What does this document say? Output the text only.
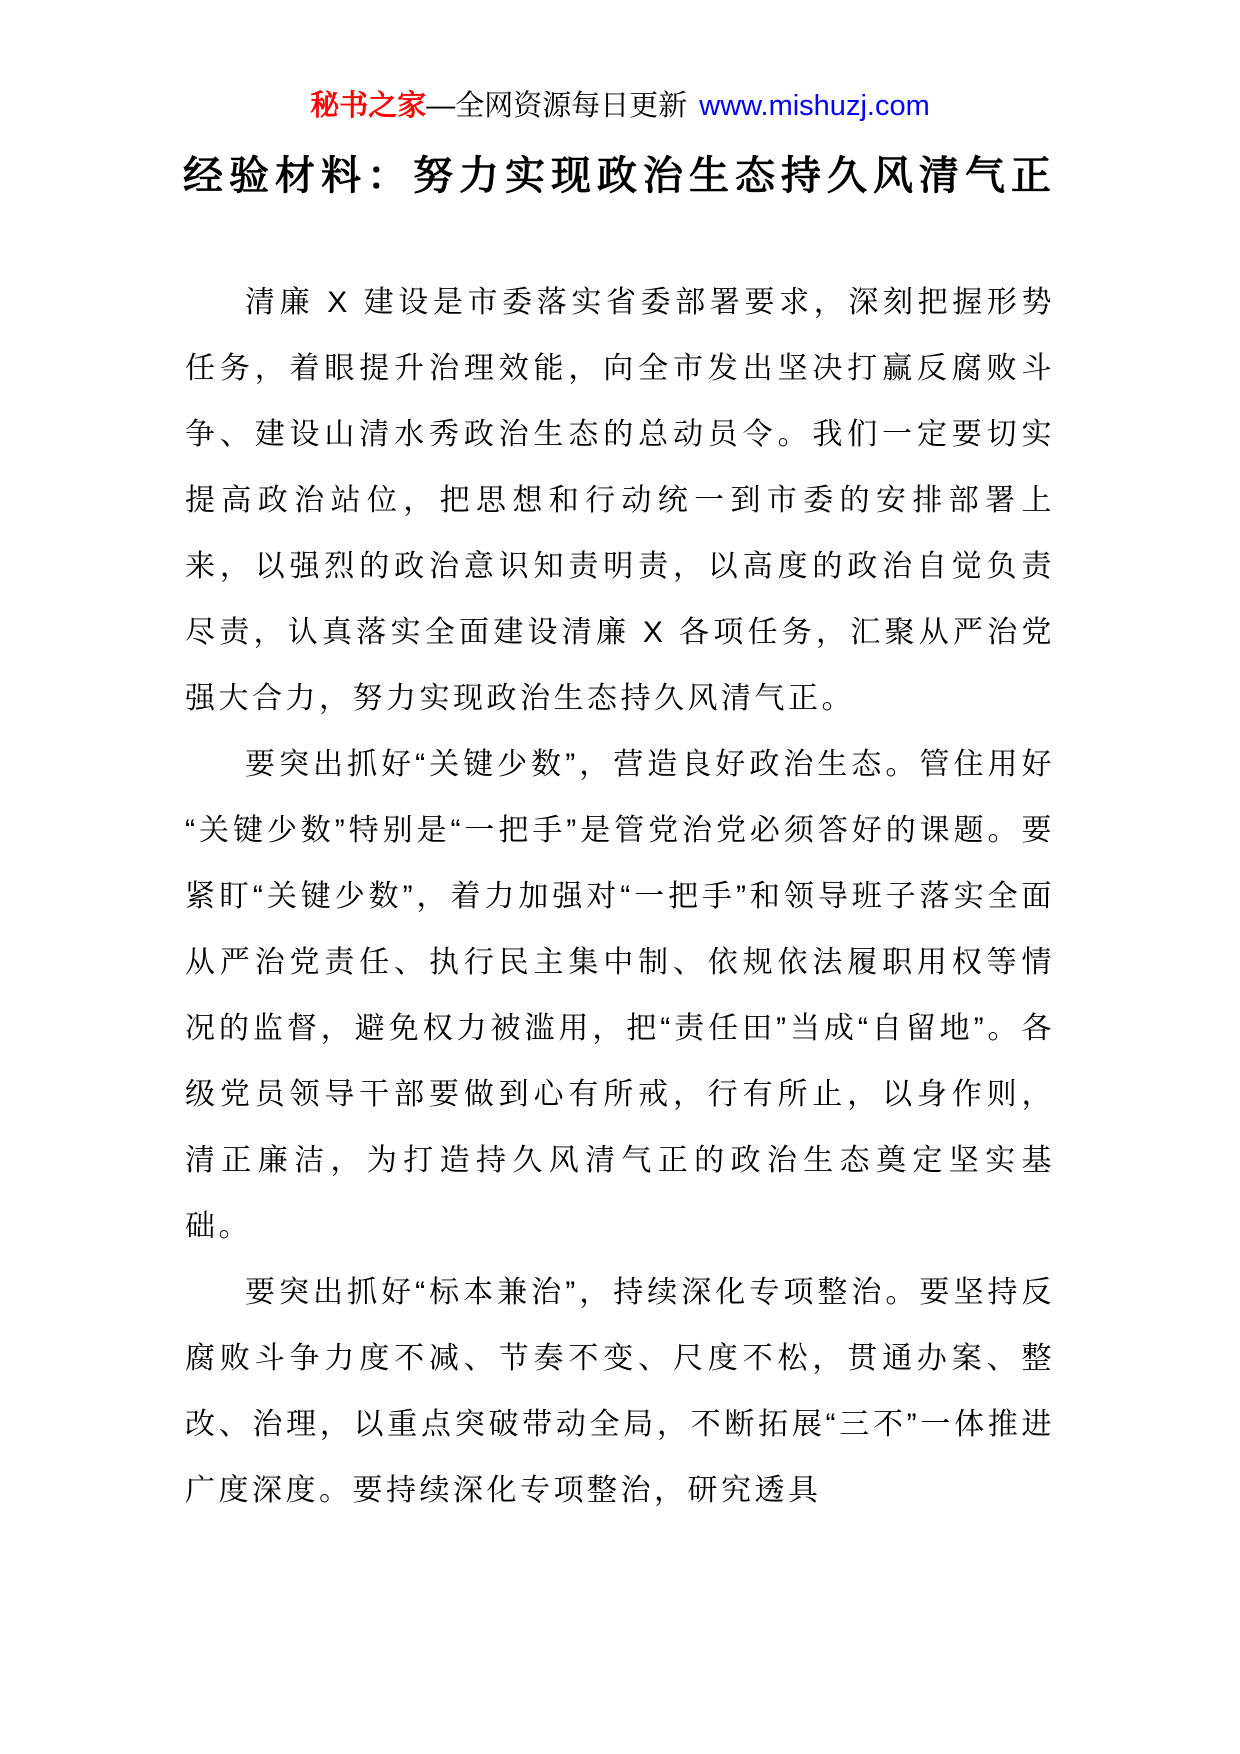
秘书之家—全网资源每日更新 www.mishuzj.com
经验材料：努力实现政治生态持久风清气正

清廉 X 建设是市委落实省委部署要求，深刻把握形势任务，着眼提升治理效能，向全市发出坚决打赢反腐败斗争、建设山清水秀政治生态的总动员令。我们一定要切实提高政治站位，把思想和行动统一到市委的安排部署上来，以强烈的政治意识知责明责，以高度的政治自觉负责尽责，认真落实全面建设清廉 X 各项任务，汇聚从严治党强大合力，努力实现政治生态持久风清气正。

要突出抓好“关键少数”，营造良好政治生态。管住用好“关键少数”特别是“一把手”是管党治党必须答好的课题。要紧盯“关键少数”，着力加强对“一把手”和领导班子落实全面从严治党责任、执行民主集中制、依规依法履职用权等情况的监督，避免权力被滥用，把“责任田”当成“自留地”。各级党员领导干部要做到心有所戒，行有所止，以身作则，清正廉洁，为打造持久风清气正的政治生态奠定坚实基础。

要突出抓好“标本兼治”，持续深化专项整治。要坚持反腐败斗争力度不减、节奏不变、尺度不松，贯通办案、整改、治理，以重点突破带动全局，不断拓展“三不”一体推进广度深度。要持续深化专项整治，研究透具
